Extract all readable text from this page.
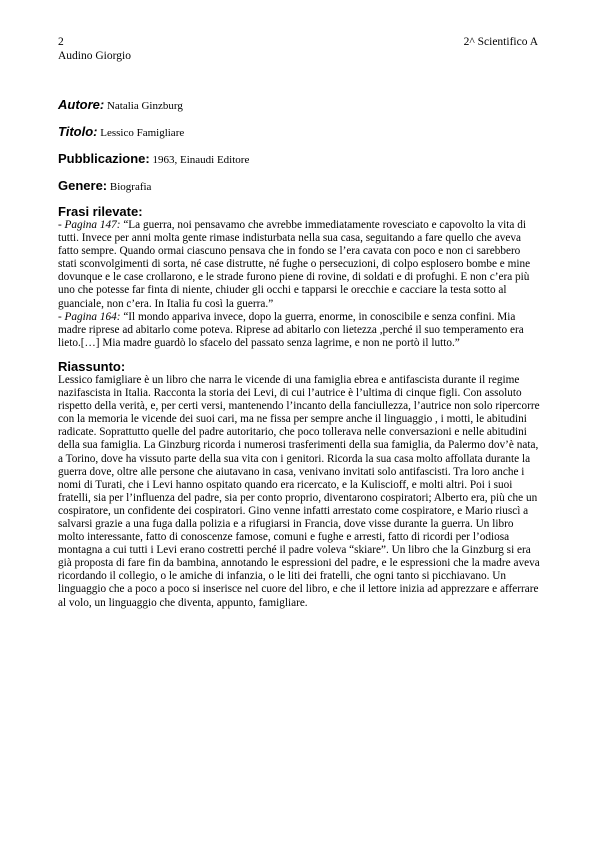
2
Audino Giorgio
2^ Scientifico A

Autore: Natalia Ginzburg

Titolo: Lessico Famigliare

Pubblicazione: 1963, Einaudi Editore

Genere: Biografia

Frasi rilevate:

- Pagina 147: “La guerra, noi pensavamo che avrebbe immediatamente rovesciato e capovolto la vita di tutti. Invece per anni molta gente rimase indisturbata nella sua casa, seguitando a fare quello che aveva fatto sempre. Quando ormai ciascuno pensava che in fondo se l’era cavata con poco e non ci sarebbero stati sconvolgimenti di sorta, né case distrutte, né fughe o persecuzioni, di colpo esplosero bombe e mine dovunque e le case crollarono, e le strade furono piene di rovine, di soldati e di profughi. E non c’era più uno che potesse far finta di niente, chiuder gli occhi e tapparsi le orecchie e cacciare la testa sotto al guanciale, non c’era. In Italia fu così la guerra.”

- Pagina 164: “Il mondo appariva invece, dopo la guerra, enorme, in conoscibile e senza confini. Mia madre riprese ad abitarlo come poteva. Riprese ad abitarlo con lietezza ,perché il suo temperamento era lieto.[…] Mia madre guardò lo sfacelo del passato senza lagrime, e non ne portò il lutto.”

Riassunto:

Lessico famigliare è un libro che narra le vicende di una famiglia ebrea e antifascista durante il regime nazifascista in Italia. Racconta la storia dei Levi, di cui l’autrice è l’ultima di cinque figli. Con assoluto rispetto della verità, e, per certi versi, mantenendo l’incanto della fanciullezza, l’autrice non solo ripercorre con la memoria le vicende dei suoi cari, ma ne fissa per sempre anche il linguaggio , i motti, le abitudini radicate. Soprattutto quelle del padre autoritario, che poco tollerava nelle conversazioni e nelle abitudini della sua famiglia. La Ginzburg ricorda i numerosi trasferimenti della sua famiglia, da Palermo dov’è nata, a Torino, dove ha vissuto parte della sua vita con i genitori. Ricorda la sua casa molto affollata durante la guerra dove, oltre alle persone che aiutavano in casa, venivano invitati solo antifascisti. Tra loro anche i nomi di Turati, che i Levi hanno ospitato quando era ricercato, e la Kuliscioff, e molti altri. Poi i suoi fratelli, sia per l’influenza del padre, sia per conto proprio, diventarono cospiratori; Alberto era, più che un cospiratore, un confidente dei cospiratori. Gino venne infatti arrestato come cospiratore, e Mario riuscì a salvarsi grazie a una fuga dalla polizia e a rifugiarsi in Francia, dove visse durante la guerra. Un libro molto interessante, fatto di conoscenze famose, comuni e fughe e arresti, fatto di ricordi per l’odiosa montagna a cui tutti i Levi erano costretti perché il padre voleva “skiare”. Un libro che la Ginzburg si era già proposta di fare fin da bambina, annotando le espressioni del padre, e le espressioni che la madre aveva ricordando il collegio, o le amiche di infanzia, o le liti dei fratelli, che ogni tanto si picchiavano. Un linguaggio che a poco a poco si inserisce nel cuore del libro, e che il lettore inizia ad apprezzare e afferrare al volo, un linguaggio che diventa, appunto, famigliare.
